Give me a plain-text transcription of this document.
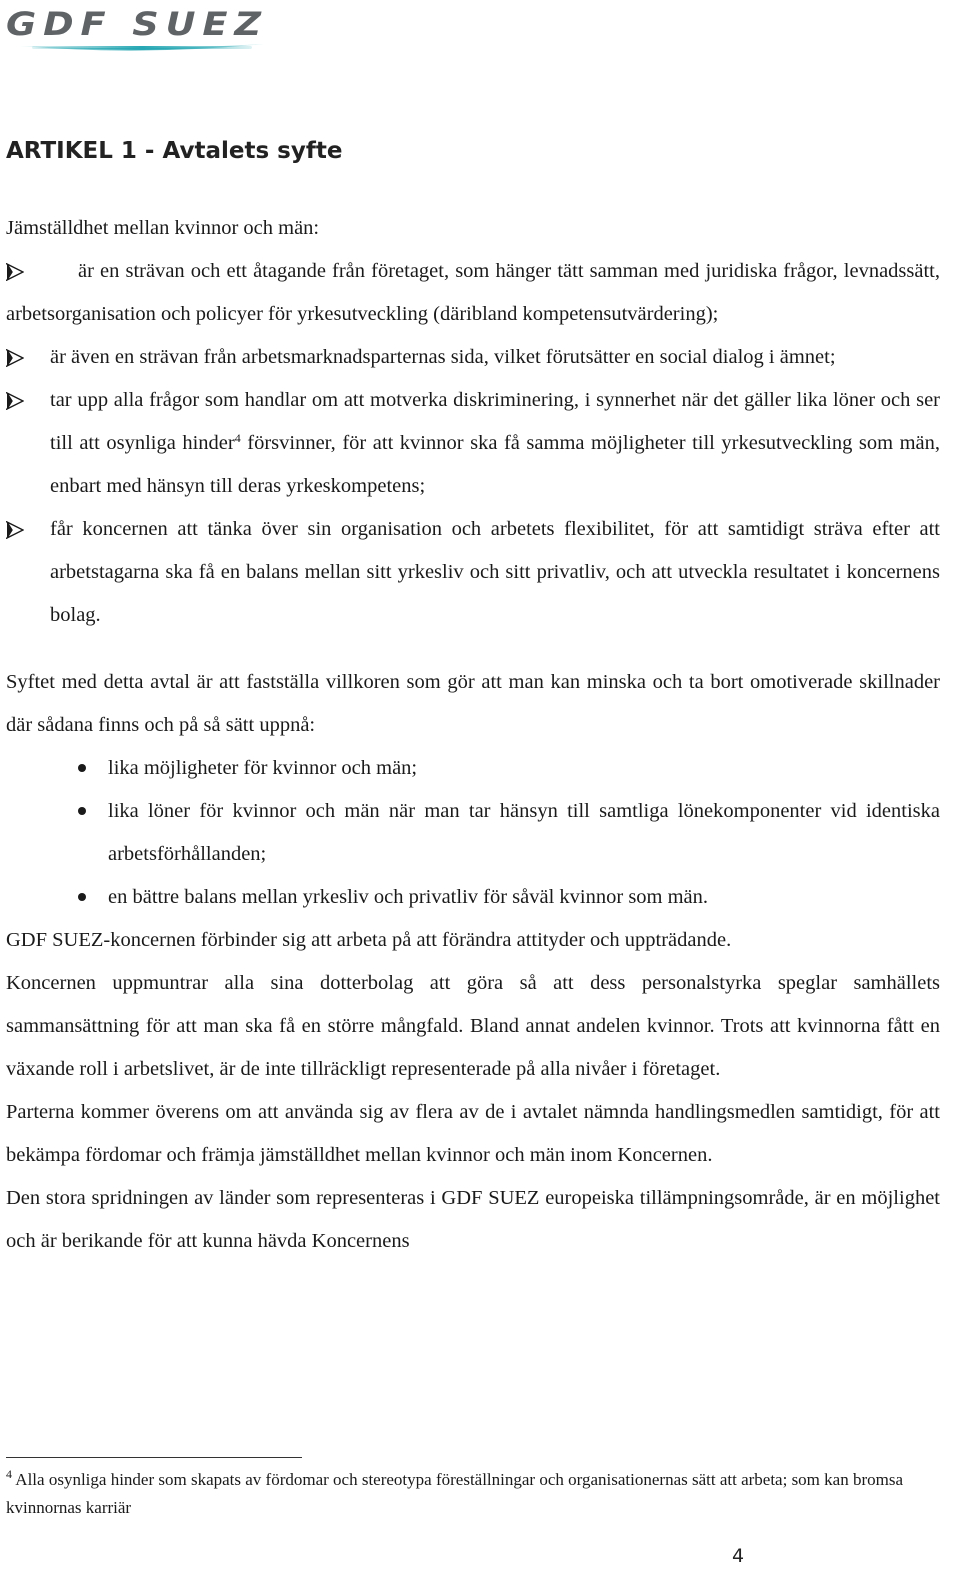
GDF SUEZ
ARTIKEL 1 - Avtalets syfte

Jämställdhet mellan kvinnor och män:

är en strävan och ett åtagande från företaget, som hänger tätt samman med juridiska frågor, levnadssätt, arbetsorganisation och policyer för yrkesutveckling (däribland kompetensutvärdering);

är även en strävan från arbetsmarknadsparternas sida, vilket förutsätter en social dialog i ämnet;

tar upp alla frågor som handlar om att motverka diskriminering, i synnerhet när det gäller lika löner och ser till att osynliga hinder$^4$ försvinner, för att kvinnor ska få samma möjligheter till yrkesutveckling som män, enbart med hänsyn till deras yrkeskompetens;

får koncernen att tänka över sin organisation och arbetets flexibilitet, för att samtidigt sträva efter att arbetstagarna ska få en balans mellan sitt yrkesliv och sitt privatliv, och att utveckla resultatet i koncernens bolag.

Syftet med detta avtal är att fastställa villkoren som gör att man kan minska och ta bort omotiverade skillnader där sådana finns och på så sätt uppnå:

lika möjligheter för kvinnor och män;
lika löner för kvinnor och män när man tar hänsyn till samtliga lönekomponenter vid identiska arbetsförhållanden;
en bättre balans mellan yrkesliv och privatliv för såväl kvinnor som män.

GDF SUEZ-koncernen förbinder sig att arbeta på att förändra attityder och uppträdande.

Koncernen uppmuntrar alla sina dotterbolag att göra så att dess personalstyrka speglar samhällets sammansättning för att man ska få en större mångfald. Bland annat andelen kvinnor. Trots att kvinnorna fått en växande roll i arbetslivet, är de inte tillräckligt representerade på alla nivåer i företaget.

Parterna kommer överens om att använda sig av flera av de i avtalet nämnda handlingsmedlen samtidigt, för att bekämpa fördomar och främja jämställdhet mellan kvinnor och män inom Koncernen.

Den stora spridningen av länder som representeras i GDF SUEZ europeiska tillämpningsområde, är en möjlighet och är berikande för att kunna hävda Koncernens

$^4$ Alla osynliga hinder som skapats av fördomar och stereotypa föreställningar och organisationernas sätt att arbeta; som kan bromsa kvinnornas karriär

4
